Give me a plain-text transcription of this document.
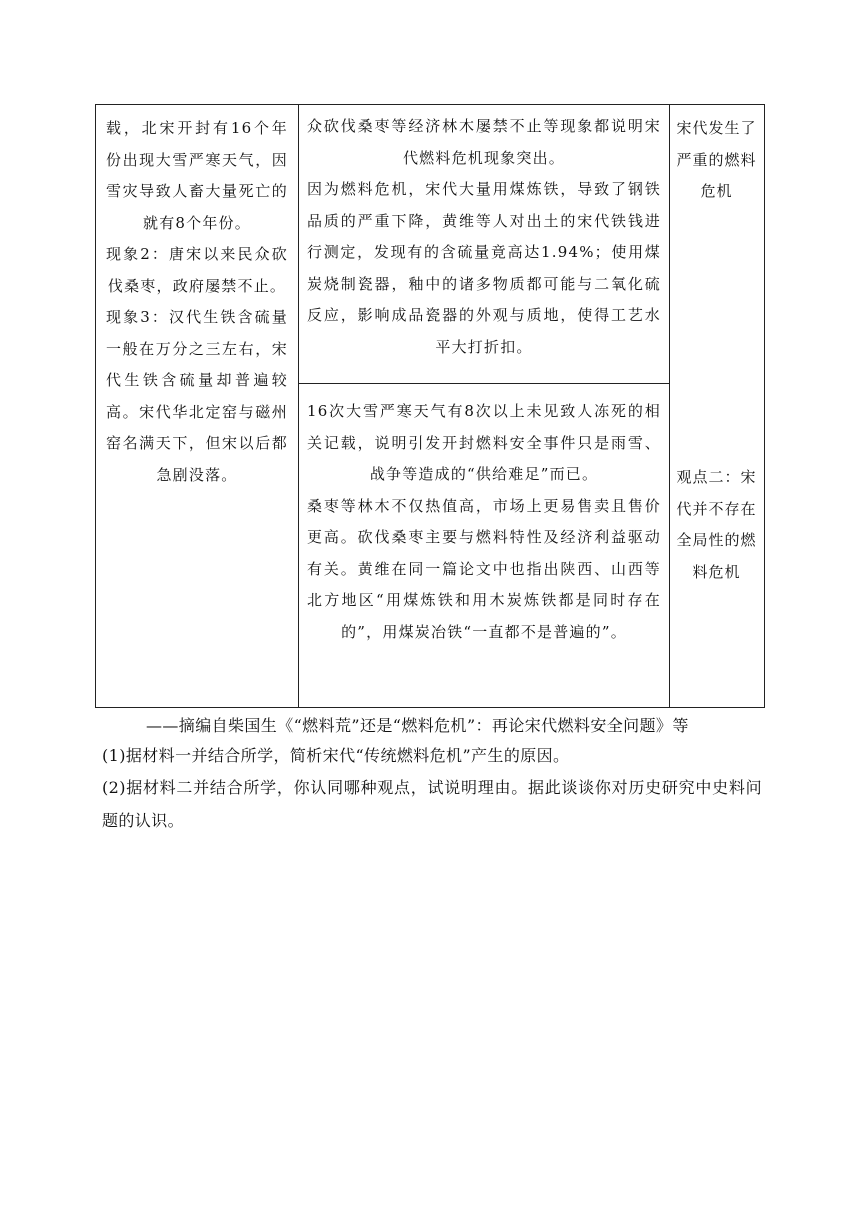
载，北宋开封有16个年份出现大雪严寒天气，因雪灾导致人畜大量死亡的就有8个年份。

现象2：唐宋以来民众砍伐桑枣，政府屡禁不止。

现象3：汉代生铁含硫量一般在万分之三左右，宋代生铁含硫量却普遍较高。宋代华北定窑与磁州窑名满天下，但宋以后都急剧没落。

众砍伐桑枣等经济林木屡禁不止等现象都说明宋代燃料危机现象突出。

因为燃料危机，宋代大量用煤炼铁，导致了钢铁品质的严重下降，黄维等人对出土的宋代铁钱进行测定，发现有的含硫量竟高达1.94%；使用煤炭烧制瓷器，釉中的诸多物质都可能与二氧化硫反应，影响成品瓷器的外观与质地，使得工艺水平大打折扣。

16次大雪严寒天气有8次以上未见致人冻死的相关记载，说明引发开封燃料安全事件只是雨雪、战争等造成的“供给难足”而已。

桑枣等林木不仅热值高，市场上更易售卖且售价更高。砍伐桑枣主要与燃料特性及经济利益驱动有关。黄维在同一篇论文中也指出陕西、山西等北方地区“用煤炼铁和用木炭炼铁都是同时存在的”，用煤炭冶铁“一直都不是普遍的”。

宋代发生了严重的燃料危机
观点二：宋代并不存在全局性的燃料危机
——摘编自柴国生《“燃料荒”还是“燃料危机”：再论宋代燃料安全问题》等
(1)据材料一并结合所学，简析宋代“传统燃料危机”产生的原因。
(2)据材料二并结合所学，你认同哪种观点，试说明理由。据此谈谈你对历史研究中史料问题的认识。
